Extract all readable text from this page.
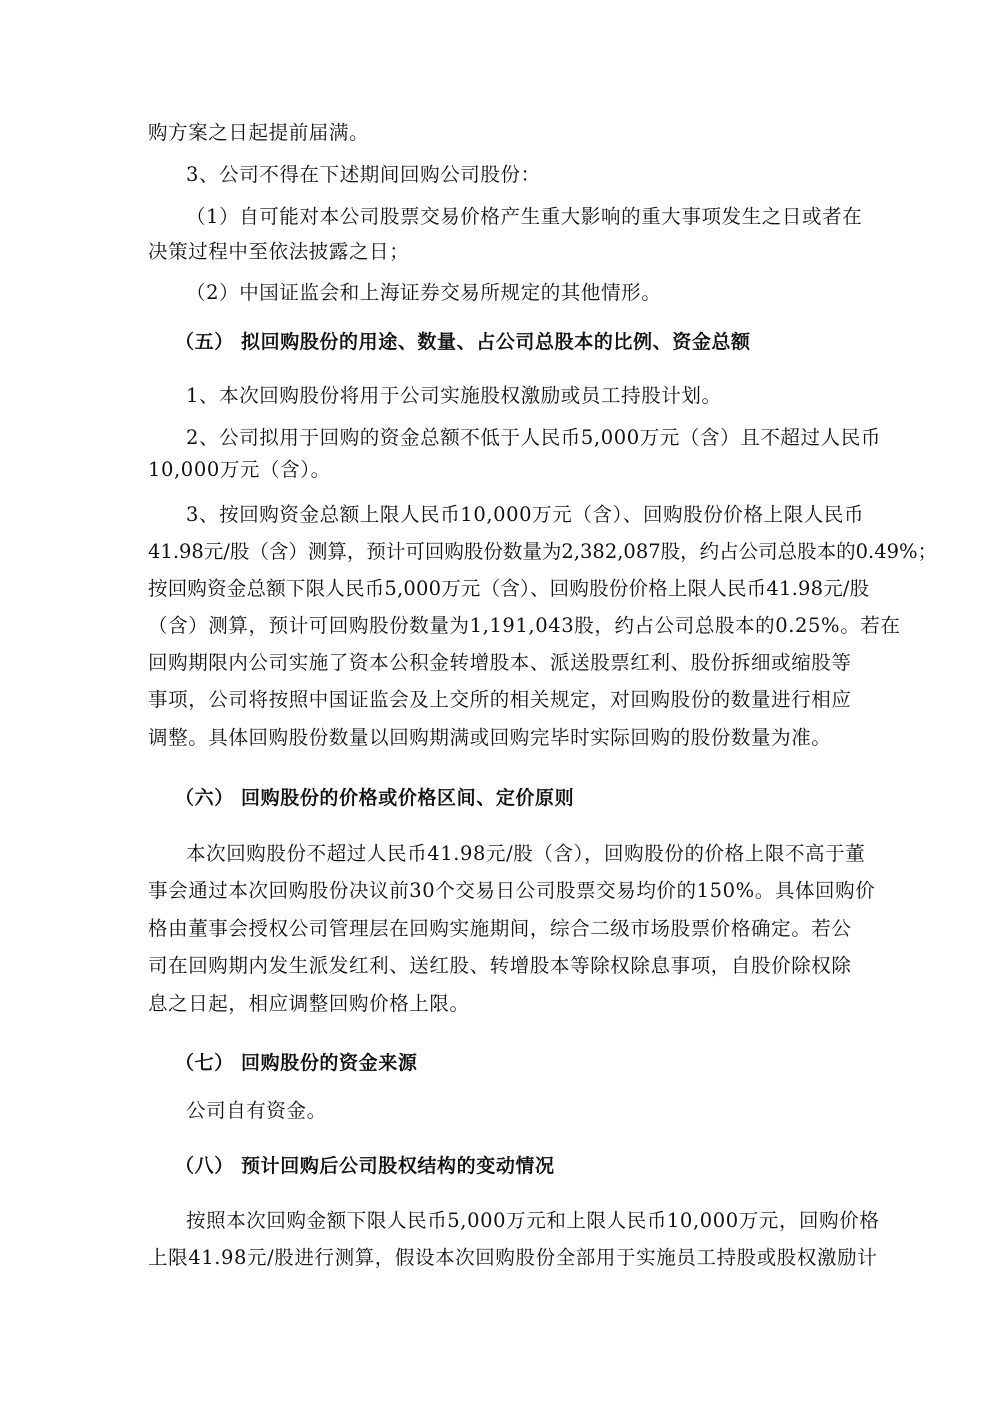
购方案之日起提前届满。
3、公司不得在下述期间回购公司股份：
（1）自可能对本公司股票交易价格产生重大影响的重大事项发生之日或者在
决策过程中至依法披露之日；
（2）中国证监会和上海证券交易所规定的其他情形。
（五） 拟回购股份的用途、数量、占公司总股本的比例、资金总额
1、本次回购股份将用于公司实施股权激励或员工持股计划。
2、公司拟用于回购的资金总额不低于人民币5,000万元（含）且不超过人民币
10,000万元（含）。
3、按回购资金总额上限人民币10,000万元（含）、回购股份价格上限人民币
41.98元/股（含）测算，预计可回购股份数量为2,382,087股，约占公司总股本的0.49%；
按回购资金总额下限人民币5,000万元（含）、回购股份价格上限人民币41.98元/股
（含）测算，预计可回购股份数量为1,191,043股，约占公司总股本的0.25%。若在
回购期限内公司实施了资本公积金转增股本、派送股票红利、股份拆细或缩股等
事项，公司将按照中国证监会及上交所的相关规定，对回购股份的数量进行相应
调整。具体回购股份数量以回购期满或回购完毕时实际回购的股份数量为准。
（六） 回购股份的价格或价格区间、定价原则
本次回购股份不超过人民币41.98元/股（含），回购股份的价格上限不高于董
事会通过本次回购股份决议前30个交易日公司股票交易均价的150%。具体回购价
格由董事会授权公司管理层在回购实施期间，综合二级市场股票价格确定。若公
司在回购期内发生派发红利、送红股、转增股本等除权除息事项，自股价除权除
息之日起，相应调整回购价格上限。
（七） 回购股份的资金来源
公司自有资金。
（八） 预计回购后公司股权结构的变动情况
按照本次回购金额下限人民币5,000万元和上限人民币10,000万元，回购价格
上限41.98元/股进行测算，假设本次回购股份全部用于实施员工持股或股权激励计
